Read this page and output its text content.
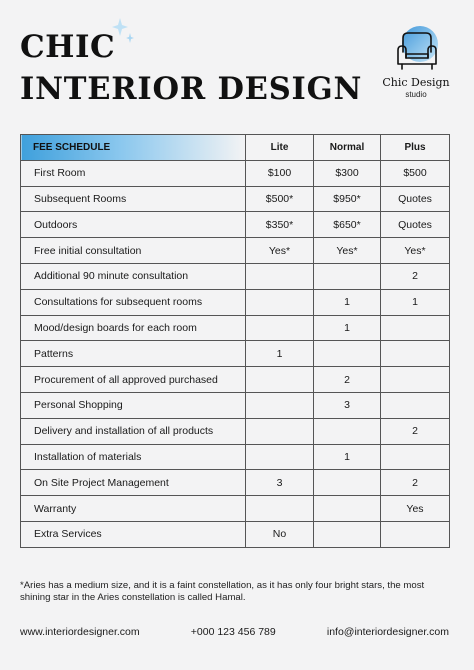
CHIC
INTERIOR DESIGN	Chic Design
studio
FEE SCHEDULE	Lite	Normal	Plus
First Room	$100	$300	$500
Subsequent Rooms	$500*	$950*	Quotes
Outdoors	$350*	$650*	Quotes
Free initial consultation	Yes*	Yes*	Yes*
Additional 90 minute consultation			2
Consultations for subsequent rooms		1	1
Mood/design boards for each room		1	
Patterns	1		
Procurement of all approved purchased		2	
Personal Shopping		3	
Delivery and installation of all products			2
Installation of materials		1	
On Site Project Management	3		2
Warranty			Yes
Extra Services	No		
*Aries has a medium size, and it is a faint constellation, as it has only four bright stars, the most shining star in the Aries constellation is called Hamal.
www.interiordesigner.com	+000 123 456 789	info@interiordesigner.com
